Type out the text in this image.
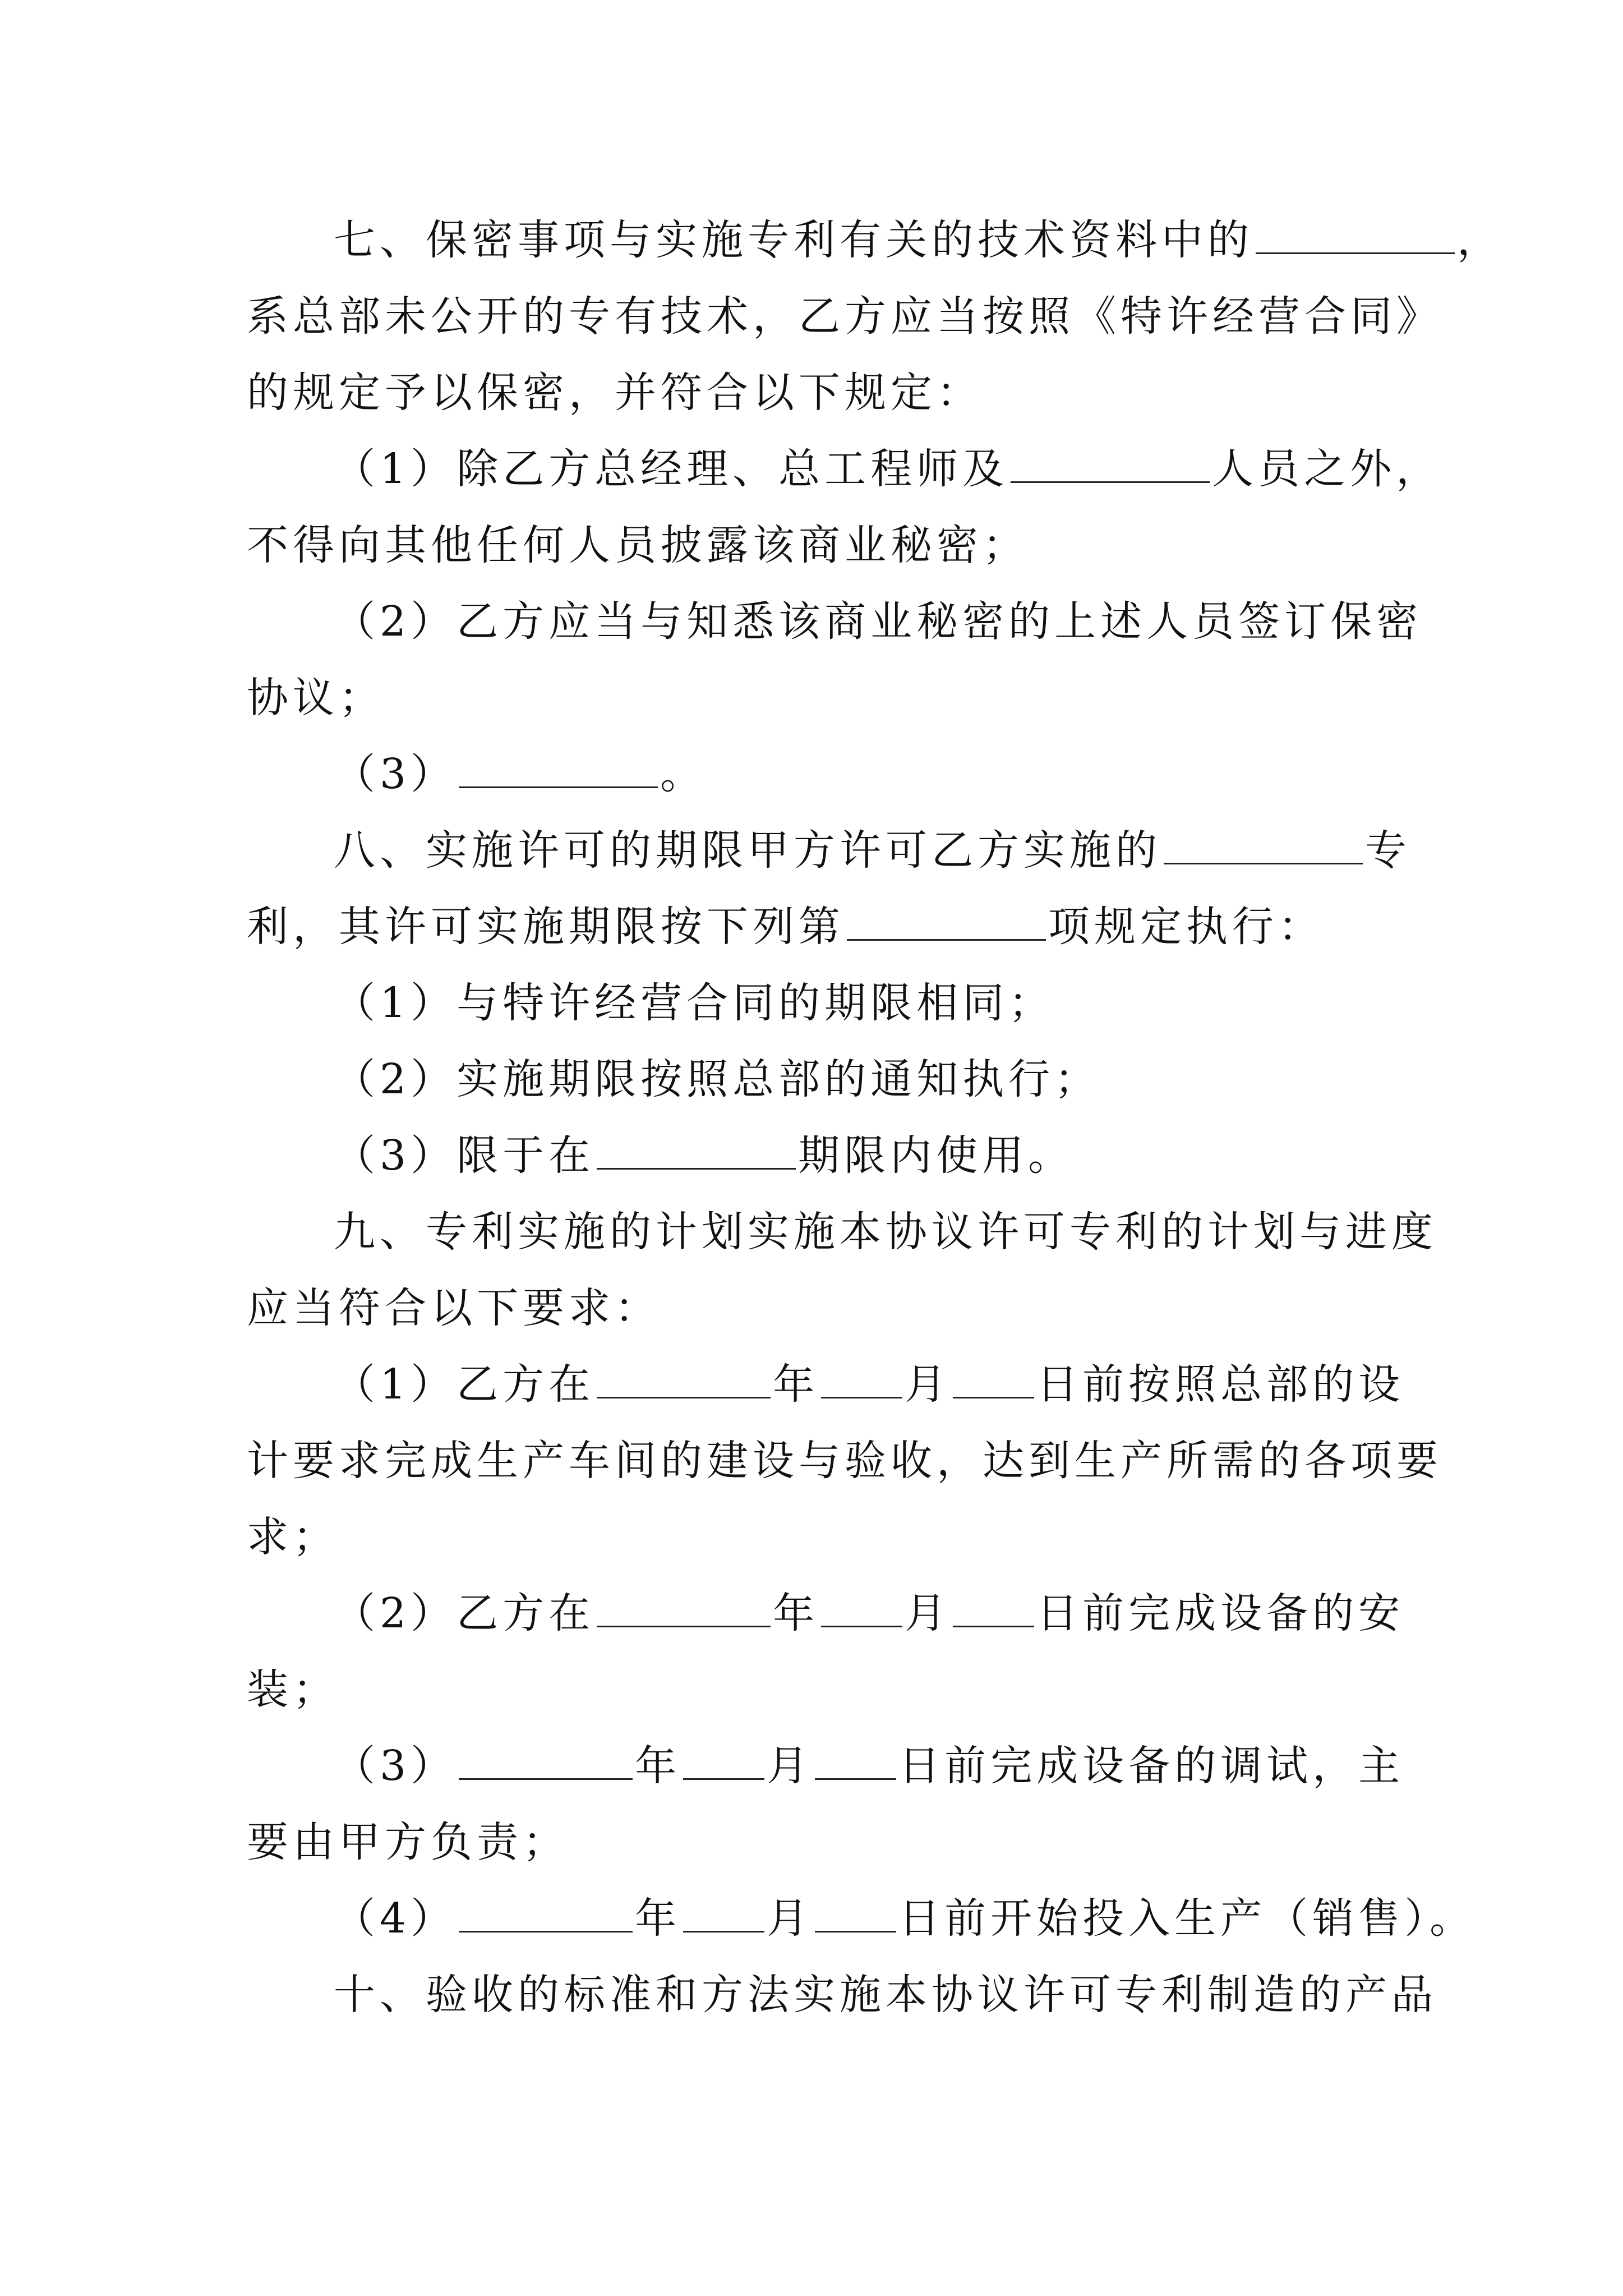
七、保密事项与实施专利有关的技术资料中的	，
系总部未公开的专有技术，乙方应当按照《特许经营合同》
的规定予以保密，并符合以下规定：
（1）除乙方总经理、总工程师及	人员之外，
不得向其他任何人员披露该商业秘密；
（2）乙方应当与知悉该商业秘密的上述人员签订保密
协议；
（3）	。
八、实施许可的期限甲方许可乙方实施的	专
利，其许可实施期限按下列第	项规定执行：
（1）与特许经营合同的期限相同；
（2）实施期限按照总部的通知执行；
（3）限于在	期限内使用。
九、专利实施的计划实施本协议许可专利的计划与进度
应当符合以下要求：
（1）乙方在	年 月 日前按照总部的设
计要求完成生产车间的建设与验收，达到生产所需的各项要
求；
（2）乙方在	年 月 日前完成设备的安
装；
（3）	年 月 日前完成设备的调试，主
要由甲方负责；
（4）	年 月 日前开始投入生产（销售）。
十、验收的标准和方法实施本协议许可专利制造的产品
